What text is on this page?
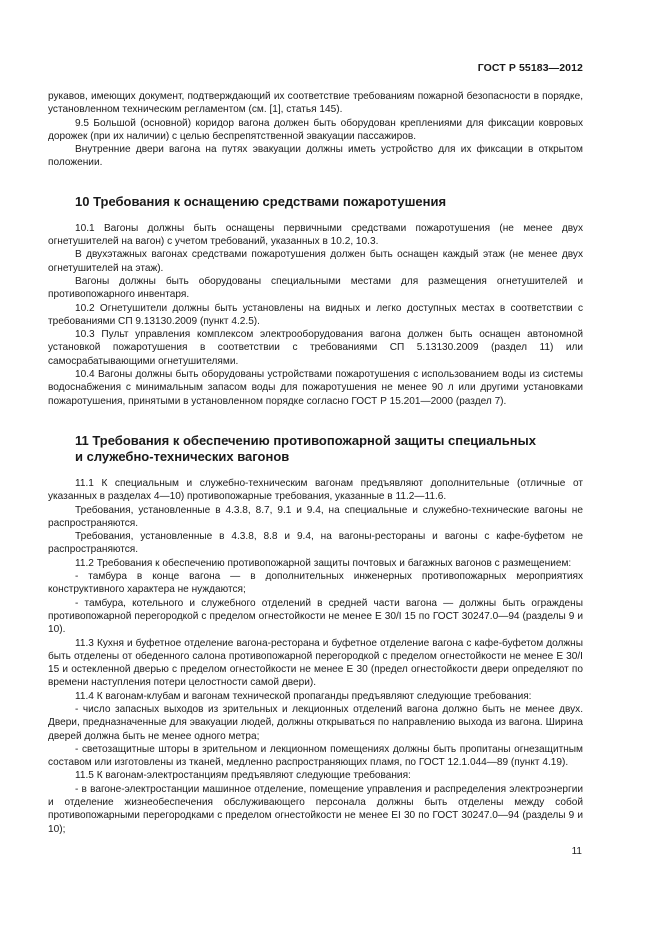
ГОСТ Р 55183—2012

рукавов, имеющих документ, подтверждающий их соответствие требованиям пожарной безопасности в порядке, установленном техническим регламентом (см. [1], статья 145).

9.5 Большой (основной) коридор вагона должен быть оборудован креплениями для фиксации ковровых дорожек (при их наличии) с целью беспрепятственной эвакуации пассажиров.

Внутренние двери вагона на путях эвакуации должны иметь устройство для их фиксации в открытом положении.

10 Требования к оснащению средствами пожаротушения

10.1 Вагоны должны быть оснащены первичными средствами пожаротушения (не менее двух огнетушителей на вагон) с учетом требований, указанных в 10.2, 10.3.

В двухэтажных вагонах средствами пожаротушения должен быть оснащен каждый этаж (не менее двух огнетушителей на этаж).

Вагоны должны быть оборудованы специальными местами для размещения огнетушителей и противопожарного инвентаря.

10.2 Огнетушители должны быть установлены на видных и легко доступных местах в соответствии с требованиями СП 9.13130.2009 (пункт 4.2.5).

10.3 Пульт управления комплексом электрооборудования вагона должен быть оснащен автономной установкой пожаротушения в соответствии с требованиями СП 5.13130.2009 (раздел 11) или самосрабатывающими огнетушителями.

10.4 Вагоны должны быть оборудованы устройствами пожаротушения с использованием воды из системы водоснабжения с минимальным запасом воды для пожаротушения не менее 90 л или другими установками пожаротушения, принятыми в установленном порядке согласно ГОСТ Р 15.201—2000 (раздел 7).

11 Требования к обеспечению противопожарной защиты специальных
и служебно-технических вагонов

11.1 К специальным и служебно-техническим вагонам предъявляют дополнительные (отличные от указанных в разделах 4—10) противопожарные требования, указанные в 11.2—11.6.

Требования, установленные в 4.3.8, 8.7, 9.1 и 9.4, на специальные и служебно-технические вагоны не распространяются.

Требования, установленные в 4.3.8, 8.8 и 9.4, на вагоны-рестораны и вагоны с кафе-буфетом не распространяются.

11.2 Требования к обеспечению противопожарной защиты почтовых и багажных вагонов с размещением:

- тамбура в конце вагона — в дополнительных инженерных противопожарных мероприятиях конструктивного характера не нуждаются;

- тамбура, котельного и служебного отделений в средней части вагона — должны быть ограждены противопожарной перегородкой с пределом огнестойкости не менее Е 30/I 15 по ГОСТ 30247.0—94 (разделы 9 и 10).

11.3 Кухня и буфетное отделение вагона-ресторана и буфетное отделение вагона с кафе-буфетом должны быть отделены от обеденного салона противопожарной перегородкой с пределом огнестойкости не менее Е 30/I 15 и остекленной дверью с пределом огнестойкости не менее Е 30 (предел огнестойкости двери определяют по времени наступления потери целостности самой двери).

11.4 К вагонам-клубам и вагонам технической пропаганды предъявляют следующие требования:

- число запасных выходов из зрительных и лекционных отделений вагона должно быть не менее двух. Двери, предназначенные для эвакуации людей, должны открываться по направлению выхода из вагона. Ширина дверей должна быть не менее одного метра;

- светозащитные шторы в зрительном и лекционном помещениях должны быть пропитаны огнезащитным составом или изготовлены из тканей, медленно распространяющих пламя, по ГОСТ 12.1.044—89 (пункт 4.19).

11.5 К вагонам-электростанциям предъявляют следующие требования:

- в вагоне-электростанции машинное отделение, помещение управления и распределения электроэнергии и отделение жизнеобеспечения обслуживающего персонала должны быть отделены между собой противопожарными перегородками с пределом огнестойкости не менее EI 30 по ГОСТ 30247.0—94 (разделы 9 и 10);

11
